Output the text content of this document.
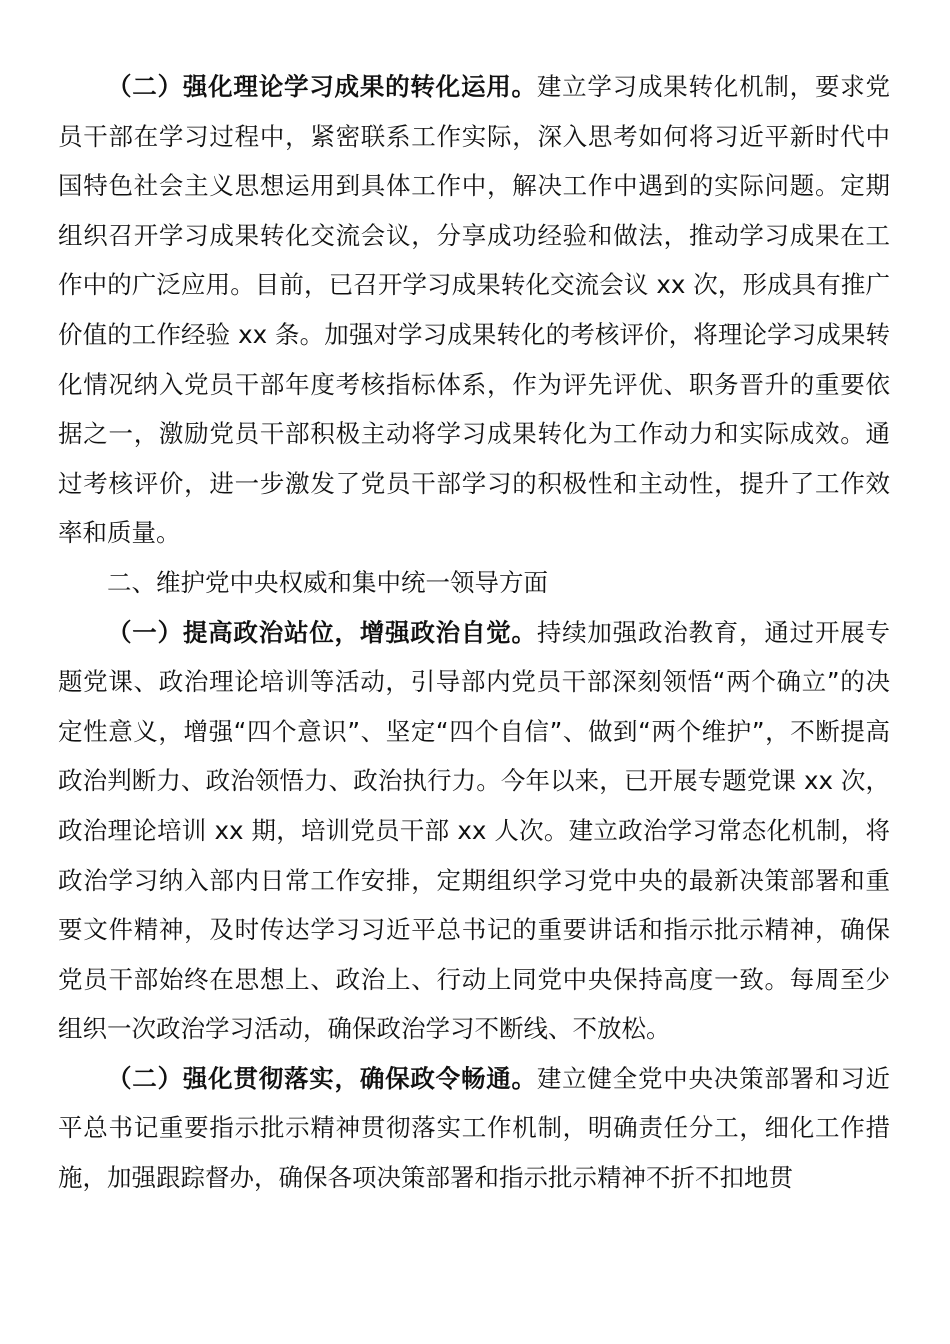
（二）强化理论学习成果的转化运用。建立学习成果转化机制，要求党员干部在学习过程中，紧密联系工作实际，深入思考如何将习近平新时代中国特色社会主义思想运用到具体工作中，解决工作中遇到的实际问题。定期组织召开学习成果转化交流会议，分享成功经验和做法，推动学习成果在工作中的广泛应用。目前，已召开学习成果转化交流会议 xx 次，形成具有推广价值的工作经验 xx 条。加强对学习成果转化的考核评价，将理论学习成果转化情况纳入党员干部年度考核指标体系，作为评先评优、职务晋升的重要依据之一，激励党员干部积极主动将学习成果转化为工作动力和实际成效。通过考核评价，进一步激发了党员干部学习的积极性和主动性，提升了工作效率和质量。

二、维护党中央权威和集中统一领导方面

（一）提高政治站位，增强政治自觉。持续加强政治教育，通过开展专题党课、政治理论培训等活动，引导部内党员干部深刻领悟“两个确立”的决定性意义，增强“四个意识”、坚定“四个自信”、做到“两个维护”，不断提高政治判断力、政治领悟力、政治执行力。今年以来，已开展专题党课 xx 次，政治理论培训 xx 期，培训党员干部 xx 人次。建立政治学习常态化机制，将政治学习纳入部内日常工作安排，定期组织学习党中央的最新决策部署和重要文件精神，及时传达学习习近平总书记的重要讲话和指示批示精神，确保党员干部始终在思想上、政治上、行动上同党中央保持高度一致。每周至少组织一次政治学习活动，确保政治学习不断线、不放松。

（二）强化贯彻落实，确保政令畅通。建立健全党中央决策部署和习近平总书记重要指示批示精神贯彻落实工作机制，明确责任分工，细化工作措施，加强跟踪督办，确保各项决策部署和指示批示精神不折不扣地贯
